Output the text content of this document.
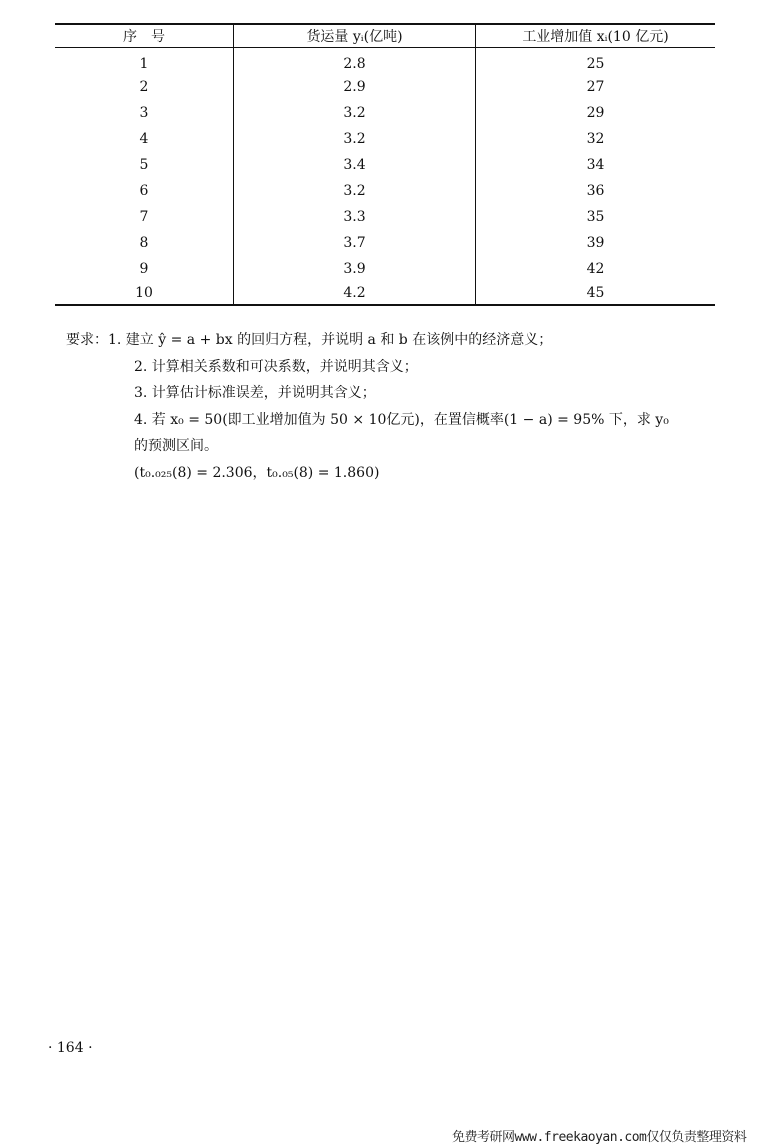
序　号	货运量 yᵢ(亿吨)	工业增加值 xᵢ(10 亿元)
1	2.8	25
2	2.9	27
3	3.2	29
4	3.2	32
5	3.4	34
6	3.2	36
7	3.3	35
8	3.7	39
9	3.9	42
10	4.2	45
要求：1. 建立 ŷ = a + bx 的回归方程，并说明 a 和 b 在该例中的经济意义；
2. 计算相关系数和可决系数，并说明其含义；
3. 计算估计标准误差，并说明其含义；
4. 若 x₀ = 50(即工业增加值为 50 × 10亿元)，在置信概率(1 − a) = 95% 下，求 y₀
的预测区间。
(t₀.₀₂₅(8) = 2.306，t₀.₀₅(8) = 1.860)
· 164 ·
免费考研网www.freekaoyan.com仅仅负责整理资料
